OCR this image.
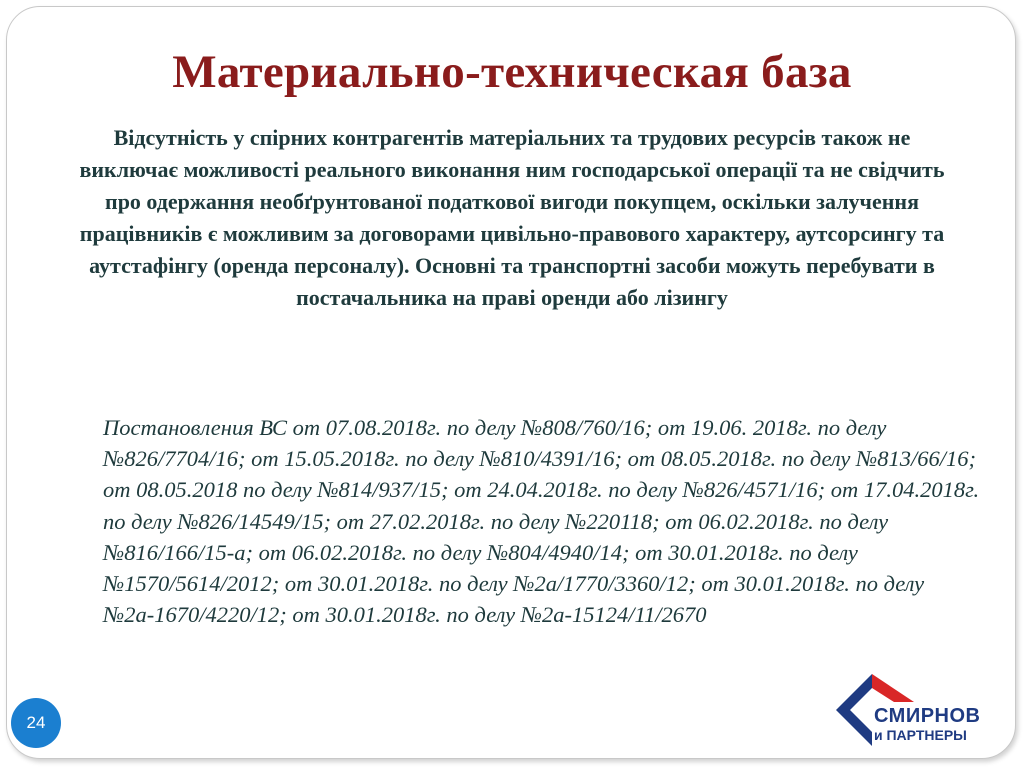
Материально-техническая база

Відсутність у спірних контрагентів матеріальних та трудових ресурсів також не виключає можливості реального виконання ним господарської операції та не свідчить про одержання необґрунтованої податкової вигоди покупцем, оскільки залучення працівників є можливим за договорами цивільно-правового характеру, аутсорсингу та аутстафінгу (оренда персоналу). Основні та транспортні засоби можуть перебувати в постачальника на праві оренди або лізингу

Постановления ВС от 07.08.2018г. по делу №808/760/16; от 19.06. 2018г. по делу №826/7704/16; от 15.05.2018г. по делу №810/4391/16; от 08.05.2018г. по делу №813/66/16; от 08.05.2018 по делу №814/937/15; от 24.04.2018г. по делу №826/4571/16; от 17.04.2018г. по делу №826/14549/15; от 27.02.2018г. по делу №220118; от 06.02.2018г. по делу №816/166/15-а; от 06.02.2018г. по делу №804/4940/14; от 30.01.2018г. по делу №1570/5614/2012; от 30.01.2018г. по делу №2а/1770/3360/12; от 30.01.2018г. по делу №2а-1670/4220/12; от 30.01.2018г. по делу №2а-15124/11/2670

24	СМИРНОВ
и ПАРТНЕРЫ
